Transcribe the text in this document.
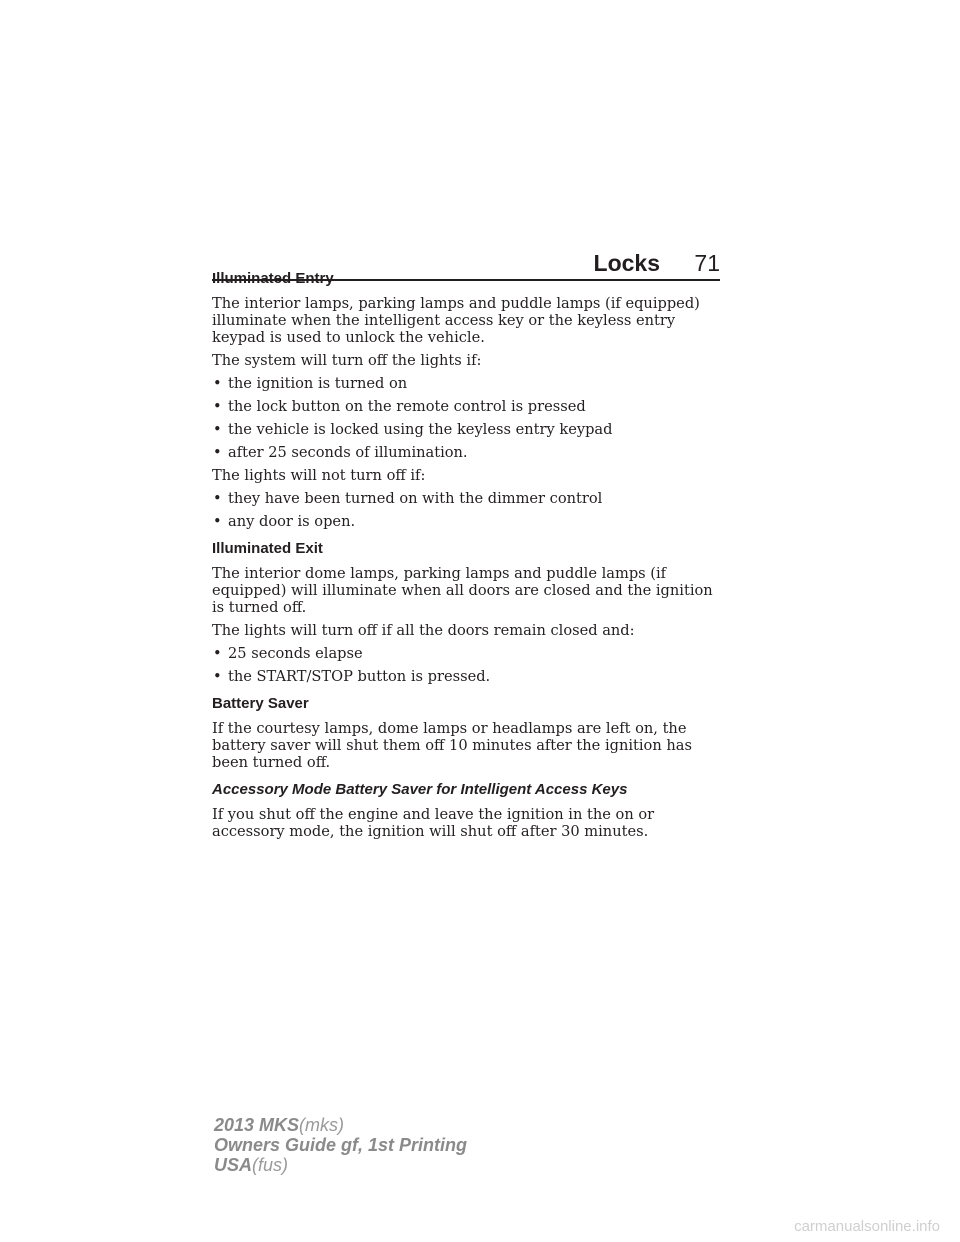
Locks 71
Illuminated Entry

The interior lamps, parking lamps and puddle lamps (if equipped) illuminate when the intelligent access key or the keyless entry keypad is used to unlock the vehicle.

The system will turn off the lights if:

• the ignition is turned on
• the lock button on the remote control is pressed
• the vehicle is locked using the keyless entry keypad
• after 25 seconds of illumination.

The lights will not turn off if:

• they have been turned on with the dimmer control
• any door is open.
Illuminated Exit

The interior dome lamps, parking lamps and puddle lamps (if equipped) will illuminate when all doors are closed and the ignition is turned off.

The lights will turn off if all the doors remain closed and:

• 25 seconds elapse
• the START/STOP button is pressed.
Battery Saver

If the courtesy lamps, dome lamps or headlamps are left on, the battery saver will shut them off 10 minutes after the ignition has been turned off.

Accessory Mode Battery Saver for Intelligent Access Keys

If you shut off the engine and leave the ignition in the on or accessory mode, the ignition will shut off after 30 minutes.

2013 MKS(mks)
Owners Guide gf, 1st Printing
USA(fus)
carmanualsonline.info
